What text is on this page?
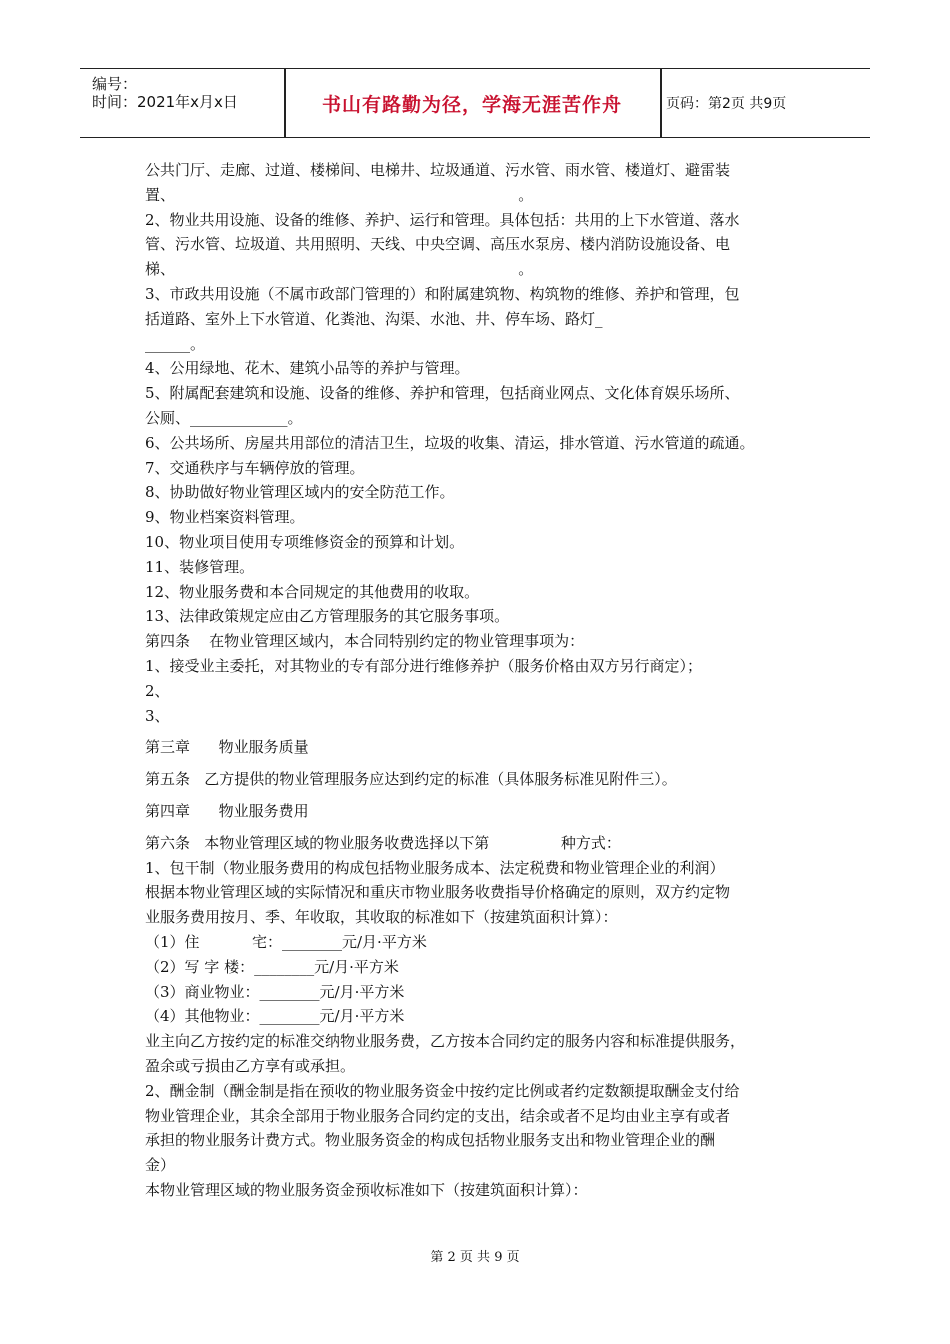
编号：
时间：2021年x月x日	书山有路勤为径，学海无涯苦作舟	页码：第2页 共9页
公共门厅、走廊、过道、楼梯间、电梯井、垃圾通道、污水管、雨水管、楼道灯、避雷装
置、                                                                        。
2、物业共用设施、设备的维修、养护、运行和管理。具体包括：共用的上下水管道、落水
管、污水管、垃圾道、共用照明、天线、中央空调、高压水泵房、楼内消防设施设备、电
梯、                                                                        。
3、市政共用设施（不属市政部门管理的）和附属建筑物、构筑物的维修、养护和管理，包
括道路、室外上下水管道、化粪池、沟渠、水池、井、停车场、路灯_
______。
4、公用绿地、花木、建筑小品等的养护与管理。
5、附属配套建筑和设施、设备的维修、养护和管理，包括商业网点、文化体育娱乐场所、
公厕、_____________。
6、公共场所、房屋共用部位的清洁卫生，垃圾的收集、清运，排水管道、污水管道的疏通。
7、交通秩序与车辆停放的管理。
8、协助做好物业管理区域内的安全防范工作。
9、物业档案资料管理。
10、物业项目使用专项维修资金的预算和计划。
11、装修管理。
12、物业服务费和本合同规定的其他费用的收取。
13、法律政策规定应由乙方管理服务的其它服务事项。
第四条    在物业管理区域内，本合同特别约定的物业管理事项为：
1、接受业主委托，对其物业的专有部分进行维修养护（服务价格由双方另行商定）；
2、
3、
第三章      物业服务质量
第五条   乙方提供的物业管理服务应达到约定的标准（具体服务标准见附件三）。
第四章      物业服务费用
第六条   本物业管理区域的物业服务收费选择以下第               种方式：
1、包干制（物业服务费用的构成包括物业服务成本、法定税费和物业管理企业的利润）
根据本物业管理区域的实际情况和重庆市物业服务收费指导价格确定的原则，双方约定物
业服务费用按月、季、年收取，其收取的标准如下（按建筑面积计算）：
（1）住           宅：________元/月·平方米
（2）写 字 楼：________元/月·平方米
（3）商业物业：________元/月·平方米
（4）其他物业：________元/月·平方米
业主向乙方按约定的标准交纳物业服务费，乙方按本合同约定的服务内容和标准提供服务，
盈余或亏损由乙方享有或承担。
2、酬金制（酬金制是指在预收的物业服务资金中按约定比例或者约定数额提取酬金支付给
物业管理企业，其余全部用于物业服务合同约定的支出，结余或者不足均由业主享有或者
承担的物业服务计费方式。物业服务资金的构成包括物业服务支出和物业管理企业的酬
金）
本物业管理区域的物业服务资金预收标准如下（按建筑面积计算）：
第 2 页 共 9 页
